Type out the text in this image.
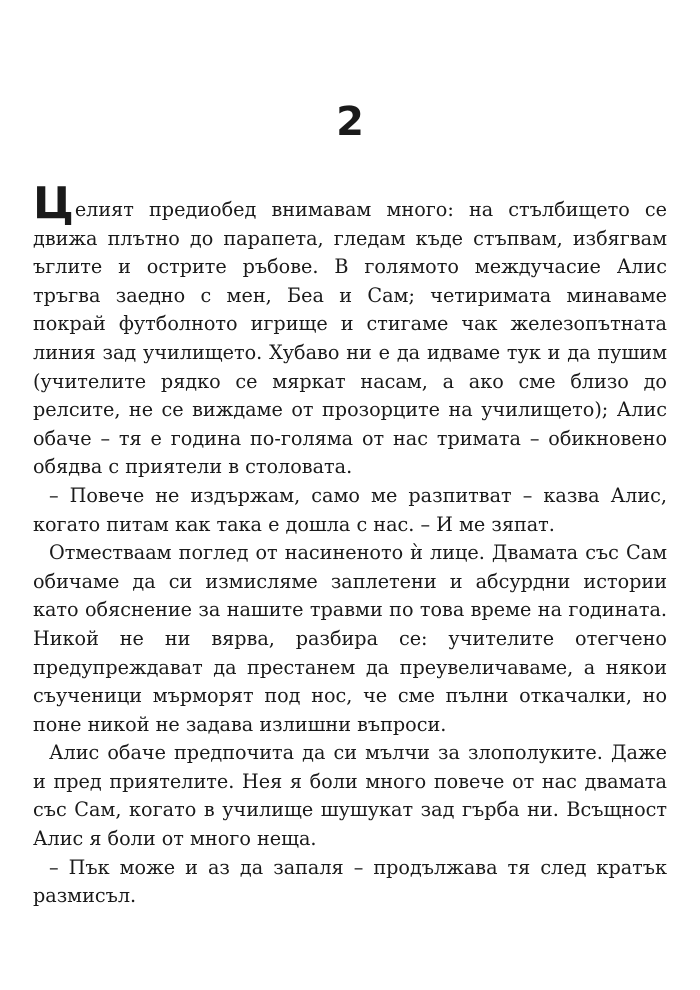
2

Целият предиобед внимавам много: на стълбището се движа плътно до парапета, гледам къде стъпвам, избягвам ъглите и острите ръбове. В голямото междучасие Алис тръгва заедно с мен, Беа и Сам; четиримата минаваме покрай футболното игрище и стигаме чак железопътната линия зад училището. Хубаво ни е да идваме тук и да пушим (учителите рядко се мяркат насам, а ако сме близо до релсите, не се виждаме от прозорците на училището); Алис обаче – тя е година по-голяма от нас тримата – обикновено обядва с приятели в столовата.

– Повече не издържам, само ме разпитват – казва Алис, когато питам как така е дошла с нас. – И ме зяпат.

Отместваам поглед от насиненото ѝ лице. Двамата със Сам обичаме да си измисляме заплетени и абсурдни истории като обяснение за нашите травми по това време на годината. Никой не ни вярва, разбира се: учителите отегчено предупреждават да престанем да преувеличаваме, а някои съученици мърморят под нос, че сме пълни откачалки, но поне никой не задава излишни въпроси.

Алис обаче предпочита да си мълчи за злополуките. Даже и пред приятелите. Нея я боли много повече от нас двамата със Сам, когато в училище шушукат зад гърба ни. Всъщност Алис я боли от много неща.

– Пък може и аз да запаля – продължава тя след кратък размисъл.
